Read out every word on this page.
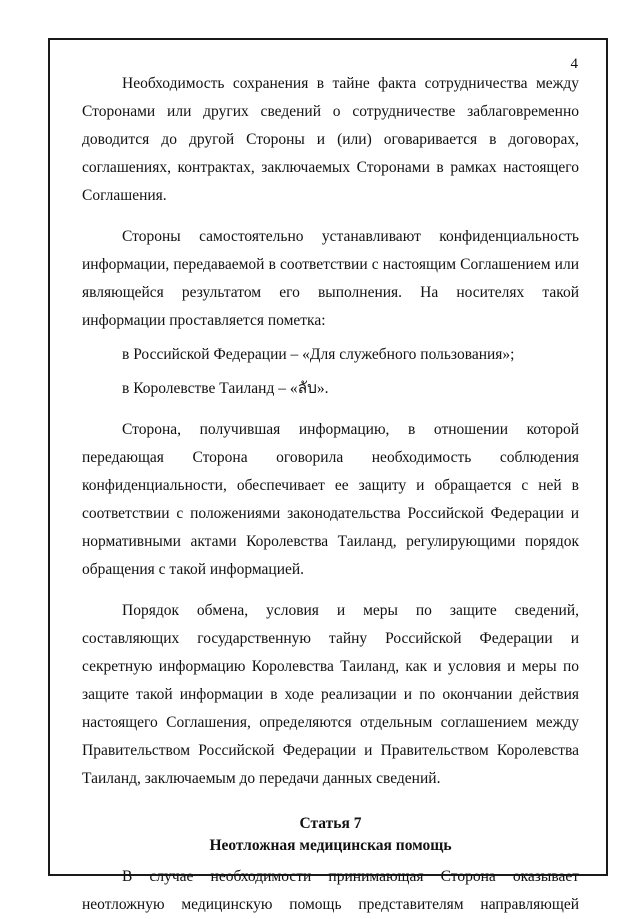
4

Необходимость сохранения в тайне факта сотрудничества между Сторонами или других сведений о сотрудничестве заблаговременно доводится до другой Стороны и (или) оговаривается в договорах, соглашениях, контрактах, заключаемых Сторонами в рамках настоящего Соглашения.

Стороны самостоятельно устанавливают конфиденциальность информации, передаваемой в соответствии с настоящим Соглашением или являющейся результатом его выполнения. На носителях такой информации проставляется пометка:

в Российской Федерации – «Для служебного пользования»;

в Королевстве Таиланд – «ลับ».

Сторона, получившая информацию, в отношении которой передающая Сторона оговорила необходимость соблюдения конфиденциальности, обеспечивает ее защиту и обращается с ней в соответствии с положениями законодательства Российской Федерации и нормативными актами Королевства Таиланд, регулирующими порядок обращения с такой информацией.

Порядок обмена, условия и меры по защите сведений, составляющих государственную тайну Российской Федерации и секретную информацию Королевства Таиланд, как и условия и меры по защите такой информации в ходе реализации и по окончании действия настоящего Соглашения, определяются отдельным соглашением между Правительством Российской Федерации и Правительством Королевства Таиланд, заключаемым до передачи данных сведений.

Статья 7

Неотложная медицинская помощь

В случае необходимости принимающая Сторона оказывает неотложную медицинскую помощь представителям направляющей
